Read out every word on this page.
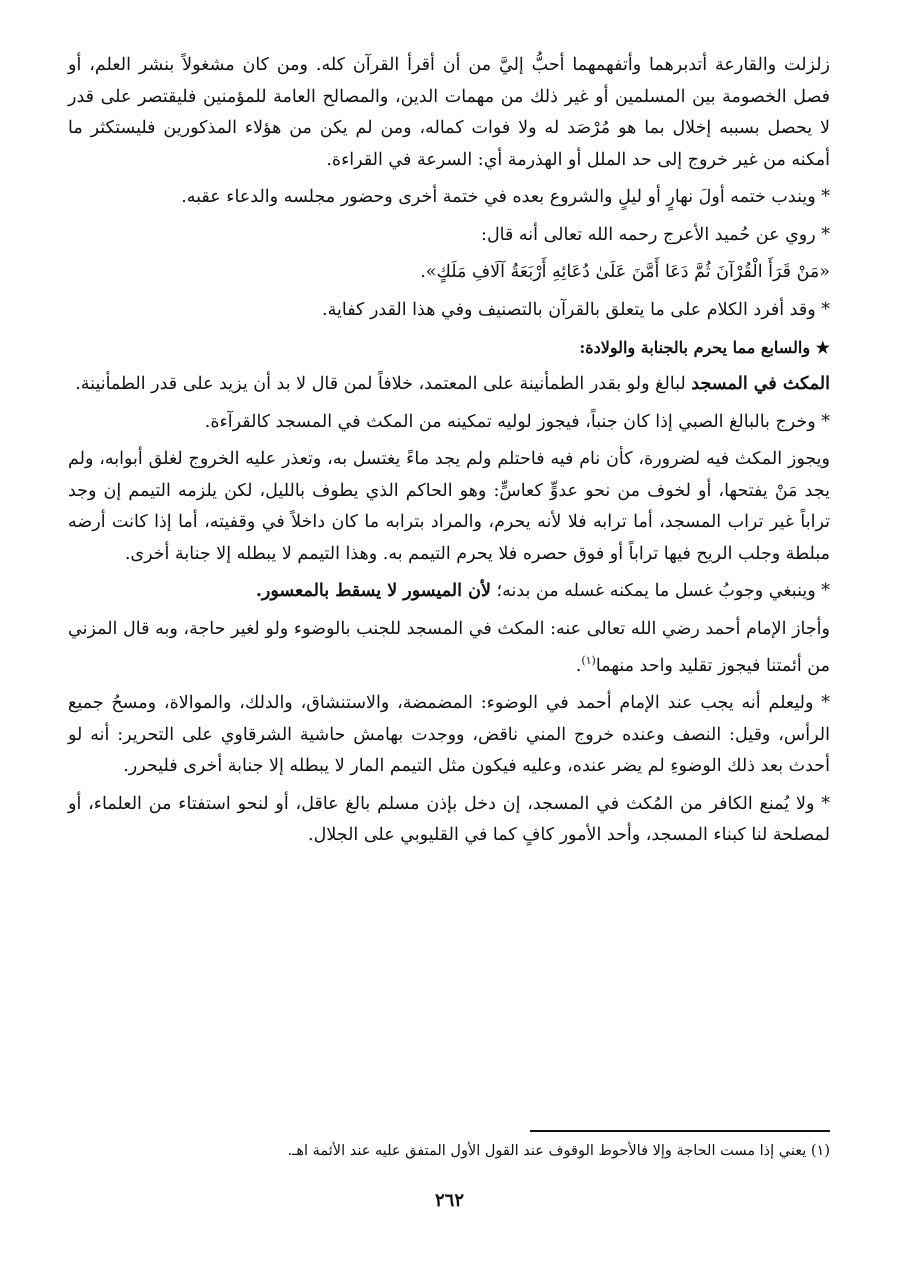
زلزلت والقارعة أتدبرهما وأتفهمهما أحبُّ إليَّ من أن أقرأ القرآن كله. ومن كان مشغولاً بنشر العلم، أو فصل الخصومة بين المسلمين أو غير ذلك من مهمات الدين، والمصالح العامة للمؤمنين فليقتصر على قدر لا يحصل بسببه إخلال بما هو مُرْصَد له ولا فوات كماله، ومن لم يكن من هؤلاء المذكورين فليستكثر ما أمكنه من غير خروج إلى حد الملل أو الهذرمة أي: السرعة في القراءة.

* ويندب ختمه أولَ نهارٍ أو ليلٍ والشروع بعده في ختمة أخرى وحضور مجلسه والدعاء عقبه.

* روي عن حُميد الأعرج رحمه الله تعالى أنه قال:

«مَنْ قَرَأَ الْقُرْآنَ ثُمَّ دَعَا أَمَّنَ عَلَىٰ دُعَائِهِ أَرْبَعَةُ آلَافِ مَلَكٍ».

* وقد أفرد الكلام على ما يتعلق بالقرآن بالتصنيف وفي هذا القدر كفاية.

★ والسابع مما يحرم بالجنابة والولادة:

المكث في المسجد لبالغ ولو بقدر الطمأنينة على المعتمد، خلافاً لمن قال لا بد أن يزيد على قدر الطمأنينة.

* وخرج بالبالغ الصبي إذا كان جنباً، فيجوز لوليه تمكينه من المكث في المسجد كالقرآءة.

ويجوز المكث فيه لضرورة، كأن نام فيه فاحتلم ولم يجد ماءً يغتسل به، وتعذر عليه الخروج لغلق أبوابه، ولم يجد مَنْ يفتحها، أو لخوف من نحو عدوٍّ كعاسٍّ: وهو الحاكم الذي يطوف بالليل، لكن يلزمه التيمم إن وجد تراباً غير تراب المسجد، أما ترابه فلا لأنه يحرم، والمراد بترابه ما كان داخلاً في وقفيته، أما إذا كانت أرضه مبلطة وجلب الريح فيها تراباً أو فوق حصره فلا يحرم التيمم به. وهذا التيمم لا يبطله إلا جنابة أخرى.

* وينبغي وجوبُ غسل ما يمكنه غسله من بدنه؛ لأن الميسور لا يسقط بالمعسور.

وأجاز الإمام أحمد رضي الله تعالى عنه: المكث في المسجد للجنب بالوضوء ولو لغير حاجة، وبه قال المزني من أئمتنا فيجوز تقليد واحد منهما$^{(١)}$.

* وليعلم أنه يجب عند الإمام أحمد في الوضوء: المضمضة، والاستنشاق، والدلك، والموالاة، ومسحُ جميع الرأس، وقيل: النصف وعنده خروج المني ناقض، ووجدت بهامش حاشية الشرقاوي على التحرير: أنه لو أحدث بعد ذلك الوضوءِ لم يضر عنده، وعليه فيكون مثل التيمم المار لا يبطله إلا جنابة أخرى فليحرر.

* ولا يُمنع الكافر من المُكث في المسجد، إن دخل بإذن مسلم بالغ عاقل، أو لنحو استفتاء من العلماء، أو لمصلحة لنا كبناء المسجد، وأحد الأمور كافٍ كما في القليوبي على الجلال.

(١) يعني إذا مست الحاجة وإلا فالأحوط الوقوف عند القول الأول المتفق عليه عند الأئمة اهـ.
٢٦٢
